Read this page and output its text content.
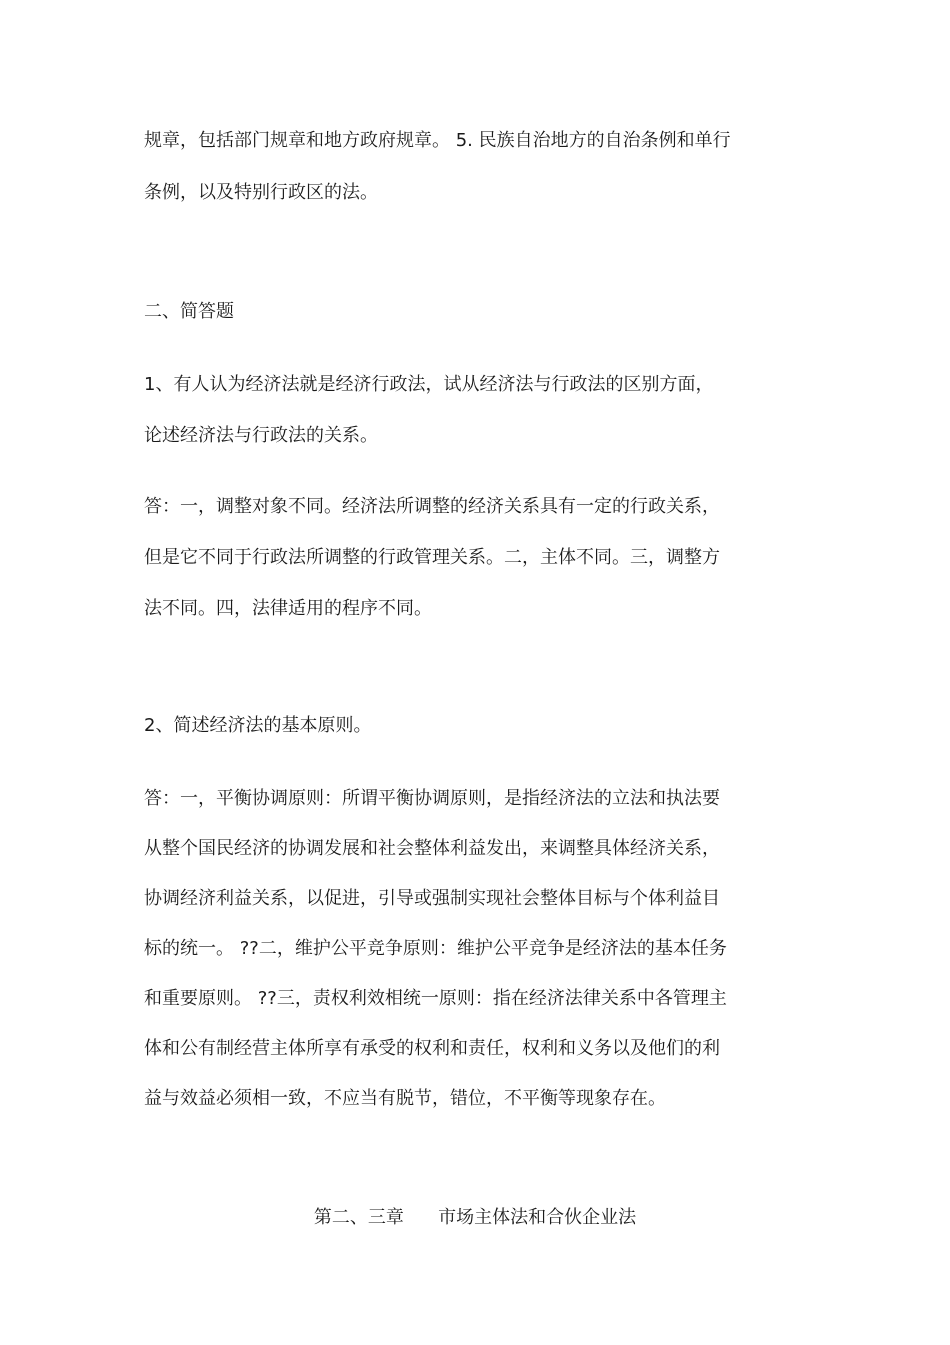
规章，包括部门规章和地方政府规章。 5. 民族自治地方的自治条例和单行

条例，以及特别行政区的法。

二、简答题

1、有人认为经济法就是经济行政法，试从经济法与行政法的区别方面，

论述经济法与行政法的关系。

答：一，调整对象不同。经济法所调整的经济关系具有一定的行政关系，

但是它不同于行政法所调整的行政管理关系。二，主体不同。三，调整方

法不同。四，法律适用的程序不同。

2、简述经济法的基本原则。

答：一，平衡协调原则：所谓平衡协调原则，是指经济法的立法和执法要

从整个国民经济的协调发展和社会整体利益发出，来调整具体经济关系，

协调经济利益关系，以促进，引导或强制实现社会整体目标与个体利益目

标的统一。 ??二，维护公平竞争原则：维护公平竞争是经济法的基本任务

和重要原则。 ??三，责权利效相统一原则：指在经济法律关系中各管理主

体和公有制经营主体所享有承受的权利和责任，权利和义务以及他们的利

益与效益必须相一致，不应当有脱节，错位，不平衡等现象存在。

第二、三章      市场主体法和合伙企业法
